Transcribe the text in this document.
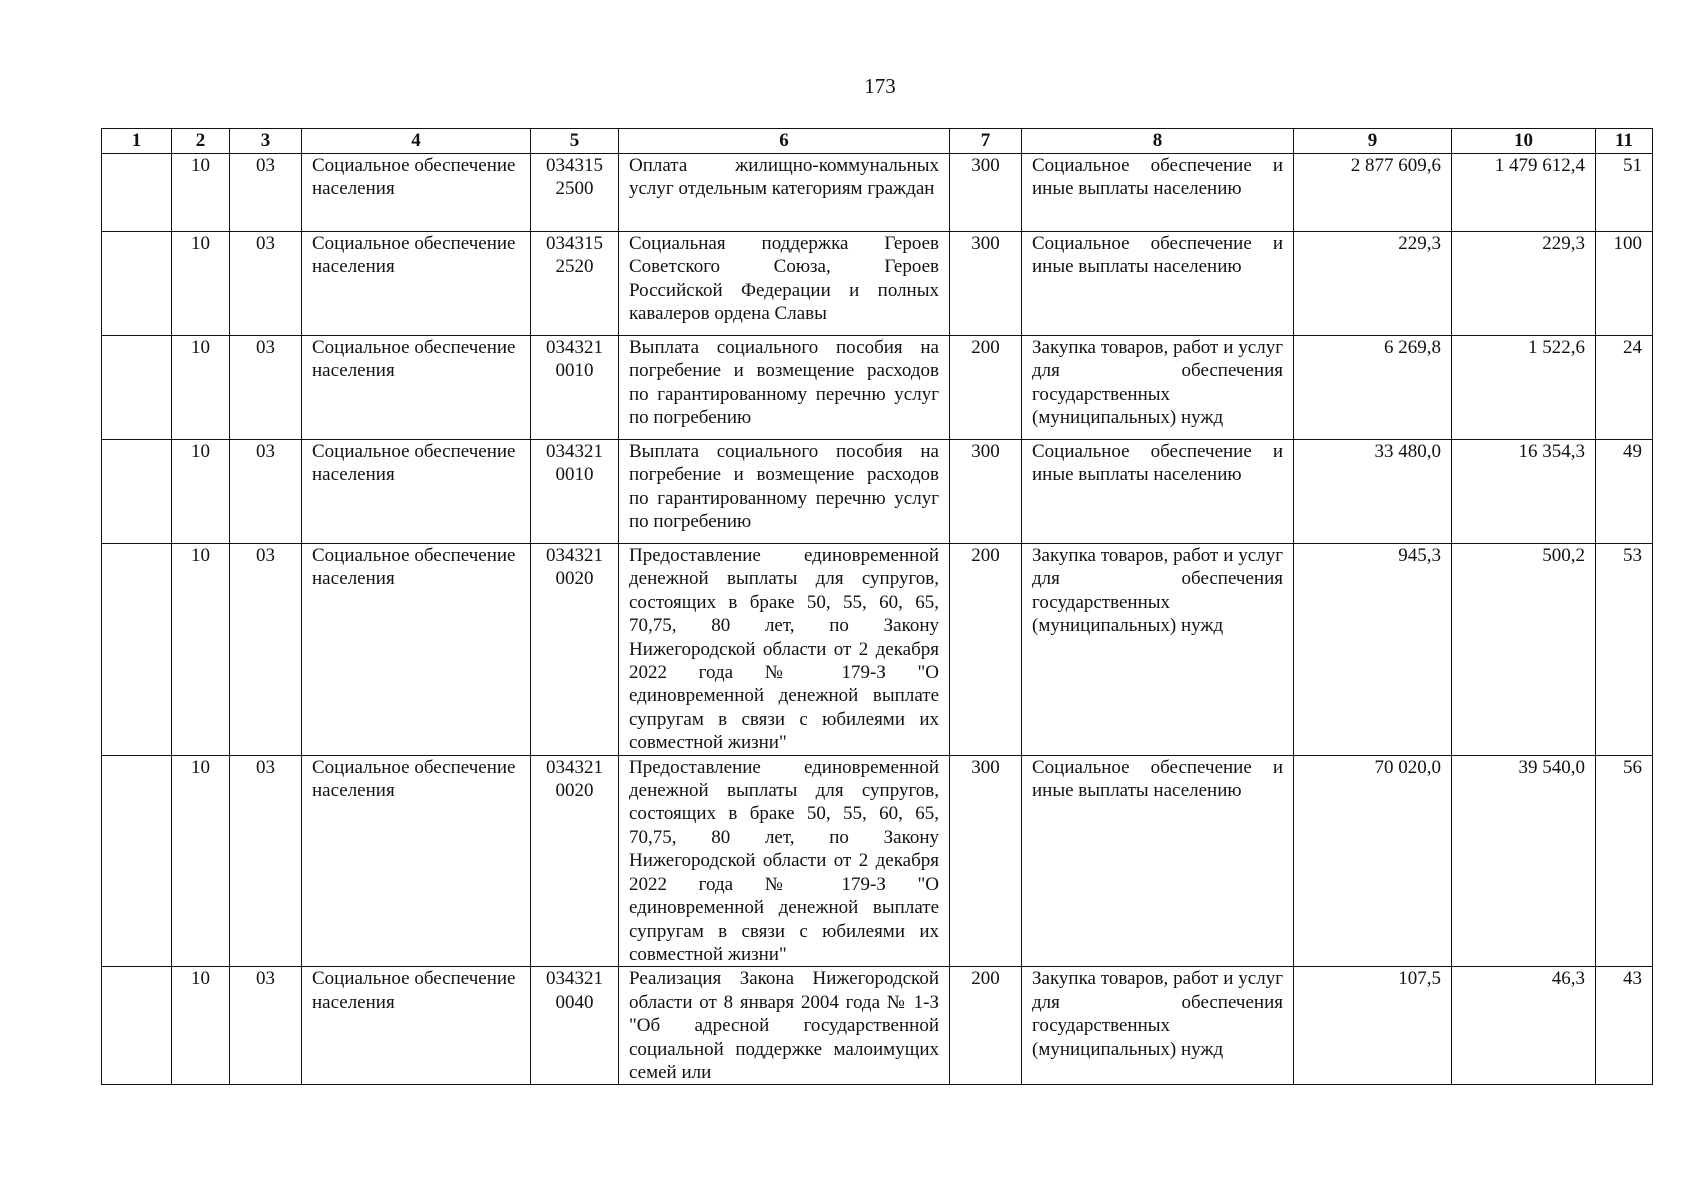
173
1	2	3	4	5	6	7	8	9	10	11
	10	03	Социальное обеспечение населения	034315 2500	Оплата жилищно-коммунальных услуг отдельным категориям граждан	300	Социальное обеспечение и иные выплаты населению	2 877 609,6	1 479 612,4	51
	10	03	Социальное обеспечение населения	034315 2520	Социальная поддержка Героев Советского Союза, Героев Российской Федерации и полных кавалеров ордена Славы	300	Социальное обеспечение и иные выплаты населению	229,3	229,3	100
	10	03	Социальное обеспечение населения	034321 0010	Выплата социального пособия на погребение и возмещение расходов по гарантированному перечню услуг по погребению	200	Закупка товаров, работ и услуг для обеспечения государственных (муниципальных) нужд	6 269,8	1 522,6	24
	10	03	Социальное обеспечение населения	034321 0010	Выплата социального пособия на погребение и возмещение расходов по гарантированному перечню услуг по погребению	300	Социальное обеспечение и иные выплаты населению	33 480,0	16 354,3	49
	10	03	Социальное обеспечение населения	034321 0020	Предоставление единовременной денежной выплаты для супругов, состоящих в браке 50, 55, 60, 65, 70,75, 80 лет, по Закону Нижегородской области от 2 декабря 2022 года № 179-З "О единовременной денежной выплате супругам в связи с юбилеями их совместной жизни"	200	Закупка товаров, работ и услуг для обеспечения государственных (муниципальных) нужд	945,3	500,2	53
	10	03	Социальное обеспечение населения	034321 0020	Предоставление единовременной денежной выплаты для супругов, состоящих в браке 50, 55, 60, 65, 70,75, 80 лет, по Закону Нижегородской области от 2 декабря 2022 года № 179-З "О единовременной денежной выплате супругам в связи с юбилеями их совместной жизни"	300	Социальное обеспечение и иные выплаты населению	70 020,0	39 540,0	56
	10	03	Социальное обеспечение населения	034321 0040	Реализация Закона Нижегородской области от 8 января 2004 года № 1-З "Об адресной государственной социальной поддержке малоимущих семей или	200	Закупка товаров, работ и услуг для обеспечения государственных (муниципальных) нужд	107,5	46,3	43
